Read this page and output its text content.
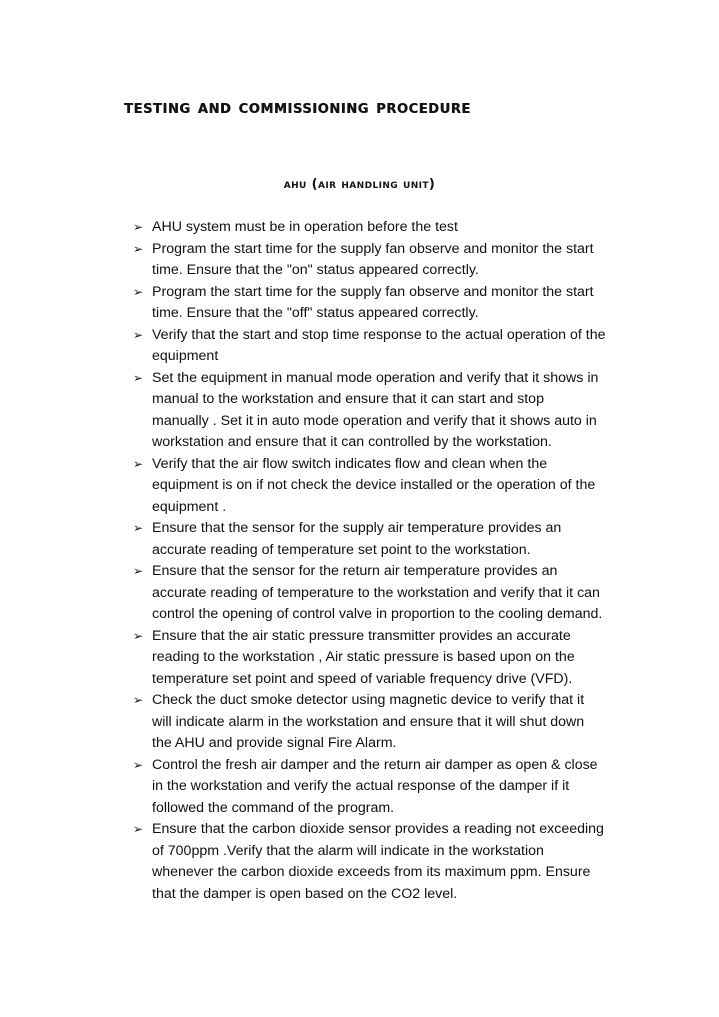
testing and commissioning procedure
ahu (air handling unit)
➢ AHU system must be in operation before the test
➢ Program the start time for the supply fan observe and monitor the start
time. Ensure that the "on" status appeared correctly.
➢ Program the start time for the supply fan observe and monitor the start
time. Ensure that the "off" status appeared correctly.
➢ Verify that the start and stop time response to the actual operation of the
equipment
➢ Set the equipment in manual mode operation and verify that it shows in
manual to the workstation and ensure that it can start and stop
manually . Set it in auto mode operation and verify that it shows auto in
workstation and ensure that it can controlled by the workstation.
➢ Verify that the air flow switch indicates flow and clean when the
equipment is on if not check the device installed or the operation of the
equipment .
➢ Ensure that the sensor for the supply air temperature provides an
accurate reading of temperature set point to the workstation.
➢ Ensure that the sensor for the return air temperature provides an
accurate reading of temperature to the workstation and verify that it can
control the opening of control valve in proportion to the cooling demand.
➢ Ensure that the air static pressure transmitter provides an accurate
reading to the workstation , Air static pressure is based upon on the
temperature set point and speed of variable frequency drive (VFD).
➢ Check the duct smoke detector using magnetic device to verify that it
will indicate alarm in the workstation and ensure that it will shut down
the AHU and provide signal Fire Alarm.
➢ Control the fresh air damper and the return air damper as open & close
in the workstation and verify the actual response of the damper if it
followed the command of the program.
➢ Ensure that the carbon dioxide sensor provides a reading not exceeding
of 700ppm .Verify that the alarm will indicate in the workstation
whenever the carbon dioxide exceeds from its maximum ppm. Ensure
that the damper is open based on the CO2 level.
